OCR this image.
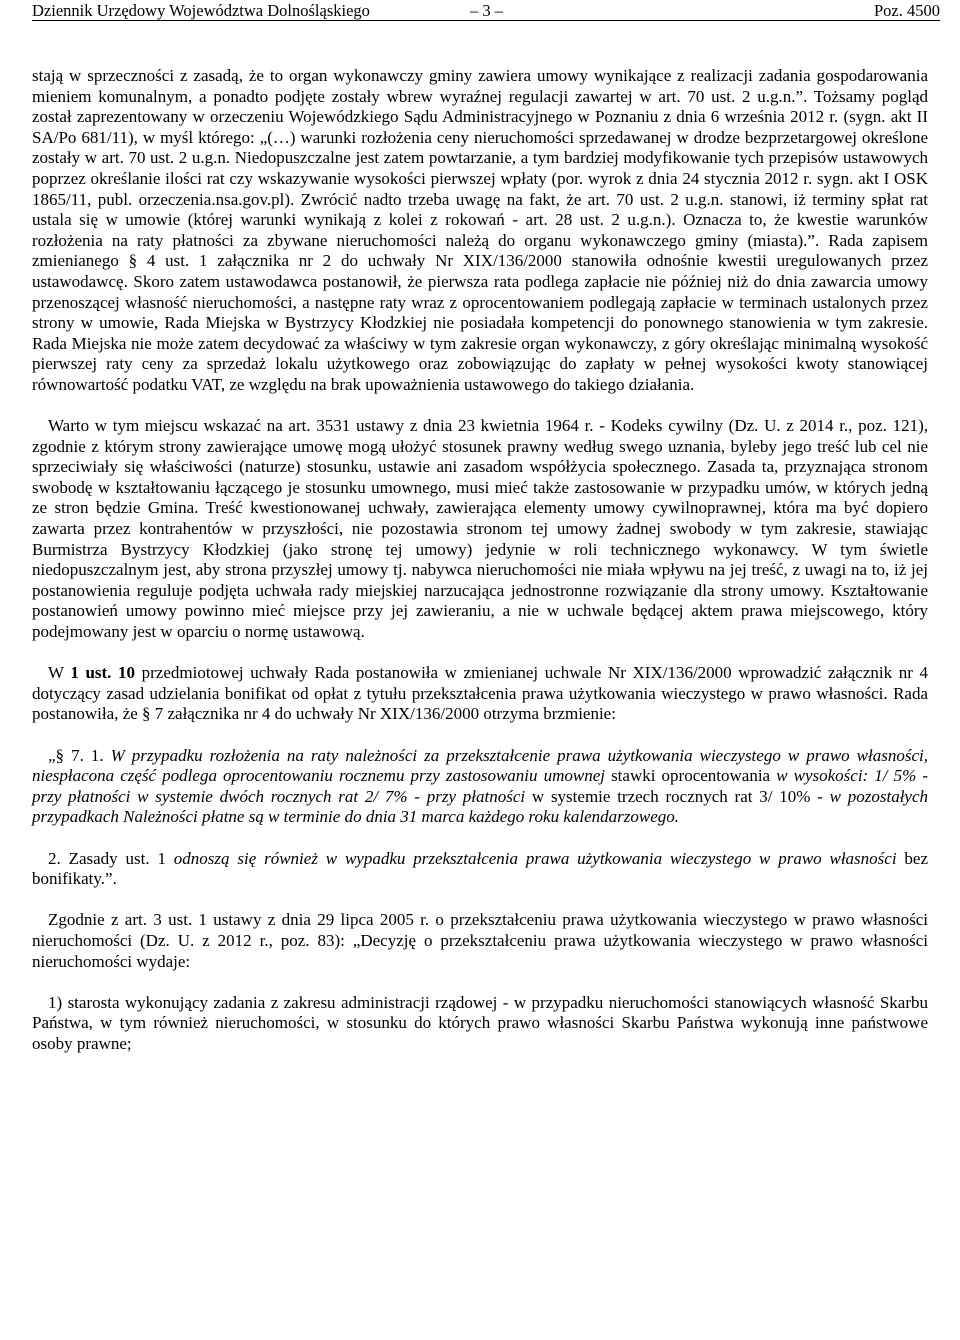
Dziennik Urzędowy Województwa Dolnośląskiego	– 3 –	Poz. 4500

stają w sprzeczności z zasadą, że to organ wykonawczy gminy zawiera umowy wynikające z realizacji zadania gospodarowania mieniem komunalnym, a ponadto podjęte zostały wbrew wyraźnej regulacji zawartej w art. 70 ust. 2 u.g.n.”. Tożsamy pogląd został zaprezentowany w orzeczeniu Wojewódzkiego Sądu Administracyjnego w Poznaniu z dnia 6 września 2012 r. (sygn. akt II SA/Po 681/11), w myśl którego: „(…) warunki rozłożenia ceny nieruchomości sprzedawanej w drodze bezprzetargowej określone zostały w art. 70 ust. 2 u.g.n. Niedopuszczalne jest zatem powtarzanie, a tym bardziej modyfikowanie tych przepisów ustawowych poprzez określanie ilości rat czy wskazywanie wysokości pierwszej wpłaty (por. wyrok z dnia 24 stycznia 2012 r. sygn. akt I OSK 1865/11, publ. orzeczenia.nsa.gov.pl). Zwrócić nadto trzeba uwagę na fakt, że art. 70 ust. 2 u.g.n. stanowi, iż terminy spłat rat ustala się w umowie (której warunki wynikają z kolei z rokowań - art. 28 ust. 2 u.g.n.). Oznacza to, że kwestie warunków rozłożenia na raty płatności za zbywane nieruchomości należą do organu wykonawczego gminy (miasta).”. Rada zapisem zmienianego § 4 ust. 1 załącznika nr 2 do uchwały Nr XIX/136/2000 stanowiła odnośnie kwestii uregulowanych przez ustawodawcę. Skoro zatem ustawodawca postanowił, że pierwsza rata podlega zapłacie nie później niż do dnia zawarcia umowy przenoszącej własność nieruchomości, a następne raty wraz z oprocentowaniem podlegają zapłacie w terminach ustalonych przez strony w umowie, Rada Miejska w Bystrzycy Kłodzkiej nie posiadała kompetencji do ponownego stanowienia w tym zakresie. Rada Miejska nie może zatem decydować za właściwy w tym zakresie organ wykonawczy, z góry określając minimalną wysokość pierwszej raty ceny za sprzedaż lokalu użytkowego oraz zobowiązując do zapłaty w pełnej wysokości kwoty stanowiącej równowartość podatku VAT, ze względu na brak upoważnienia ustawowego do takiego działania.

Warto w tym miejscu wskazać na art. 3531 ustawy z dnia 23 kwietnia 1964 r. - Kodeks cywilny (Dz. U. z 2014 r., poz. 121), zgodnie z którym strony zawierające umowę mogą ułożyć stosunek prawny według swego uznania, byleby jego treść lub cel nie sprzeciwiały się właściwości (naturze) stosunku, ustawie ani zasadom współżycia społecznego. Zasada ta, przyznająca stronom swobodę w kształtowaniu łączącego je stosunku umownego, musi mieć także zastosowanie w przypadku umów, w których jedną ze stron będzie Gmina. Treść kwestionowanej uchwały, zawierająca elementy umowy cywilnoprawnej, która ma być dopiero zawarta przez kontrahentów w przyszłości, nie pozostawia stronom tej umowy żadnej swobody w tym zakresie, stawiając Burmistrza Bystrzycy Kłodzkiej (jako stronę tej umowy) jedynie w roli technicznego wykonawcy. W tym świetle niedopuszczalnym jest, aby strona przyszłej umowy tj. nabywca nieruchomości nie miała wpływu na jej treść, z uwagi na to, iż jej postanowienia reguluje podjęta uchwała rady miejskiej narzucająca jednostronne rozwiązanie dla strony umowy. Kształtowanie postanowień umowy powinno mieć miejsce przy jej zawieraniu, a nie w uchwale będącej aktem prawa miejscowego, który podejmowany jest w oparciu o normę ustawową.

W 1 ust. 10 przedmiotowej uchwały Rada postanowiła w zmienianej uchwale Nr XIX/136/2000 wprowadzić załącznik nr 4 dotyczący zasad udzielania bonifikat od opłat z tytułu przekształcenia prawa użytkowania wieczystego w prawo własności. Rada postanowiła, że § 7 załącznika nr 4 do uchwały Nr XIX/136/2000 otrzyma brzmienie:

„§ 7. 1. W przypadku rozłożenia na raty należności za przekształcenie prawa użytkowania wieczystego w prawo własności, niespłacona część podlega oprocentowaniu rocznemu przy zastosowaniu umownej stawki oprocentowania w wysokości: 1/ 5% - przy płatności w systemie dwóch rocznych rat 2/ 7% - przy płatności w systemie trzech rocznych rat 3/ 10% - w pozostałych przypadkach Należności płatne są w terminie do dnia 31 marca każdego roku kalendarzowego.

2. Zasady ust. 1 odnoszą się również w wypadku przekształcenia prawa użytkowania wieczystego w prawo własności bez bonifikaty.”.

Zgodnie z art. 3 ust. 1 ustawy z dnia 29 lipca 2005 r. o przekształceniu prawa użytkowania wieczystego w prawo własności nieruchomości (Dz. U. z 2012 r., poz. 83): „Decyzję o przekształceniu prawa użytkowania wieczystego w prawo własności nieruchomości wydaje:

1) starosta wykonujący zadania z zakresu administracji rządowej - w przypadku nieruchomości stanowiących własność Skarbu Państwa, w tym również nieruchomości, w stosunku do których prawo własności Skarbu Państwa wykonują inne państwowe osoby prawne;
